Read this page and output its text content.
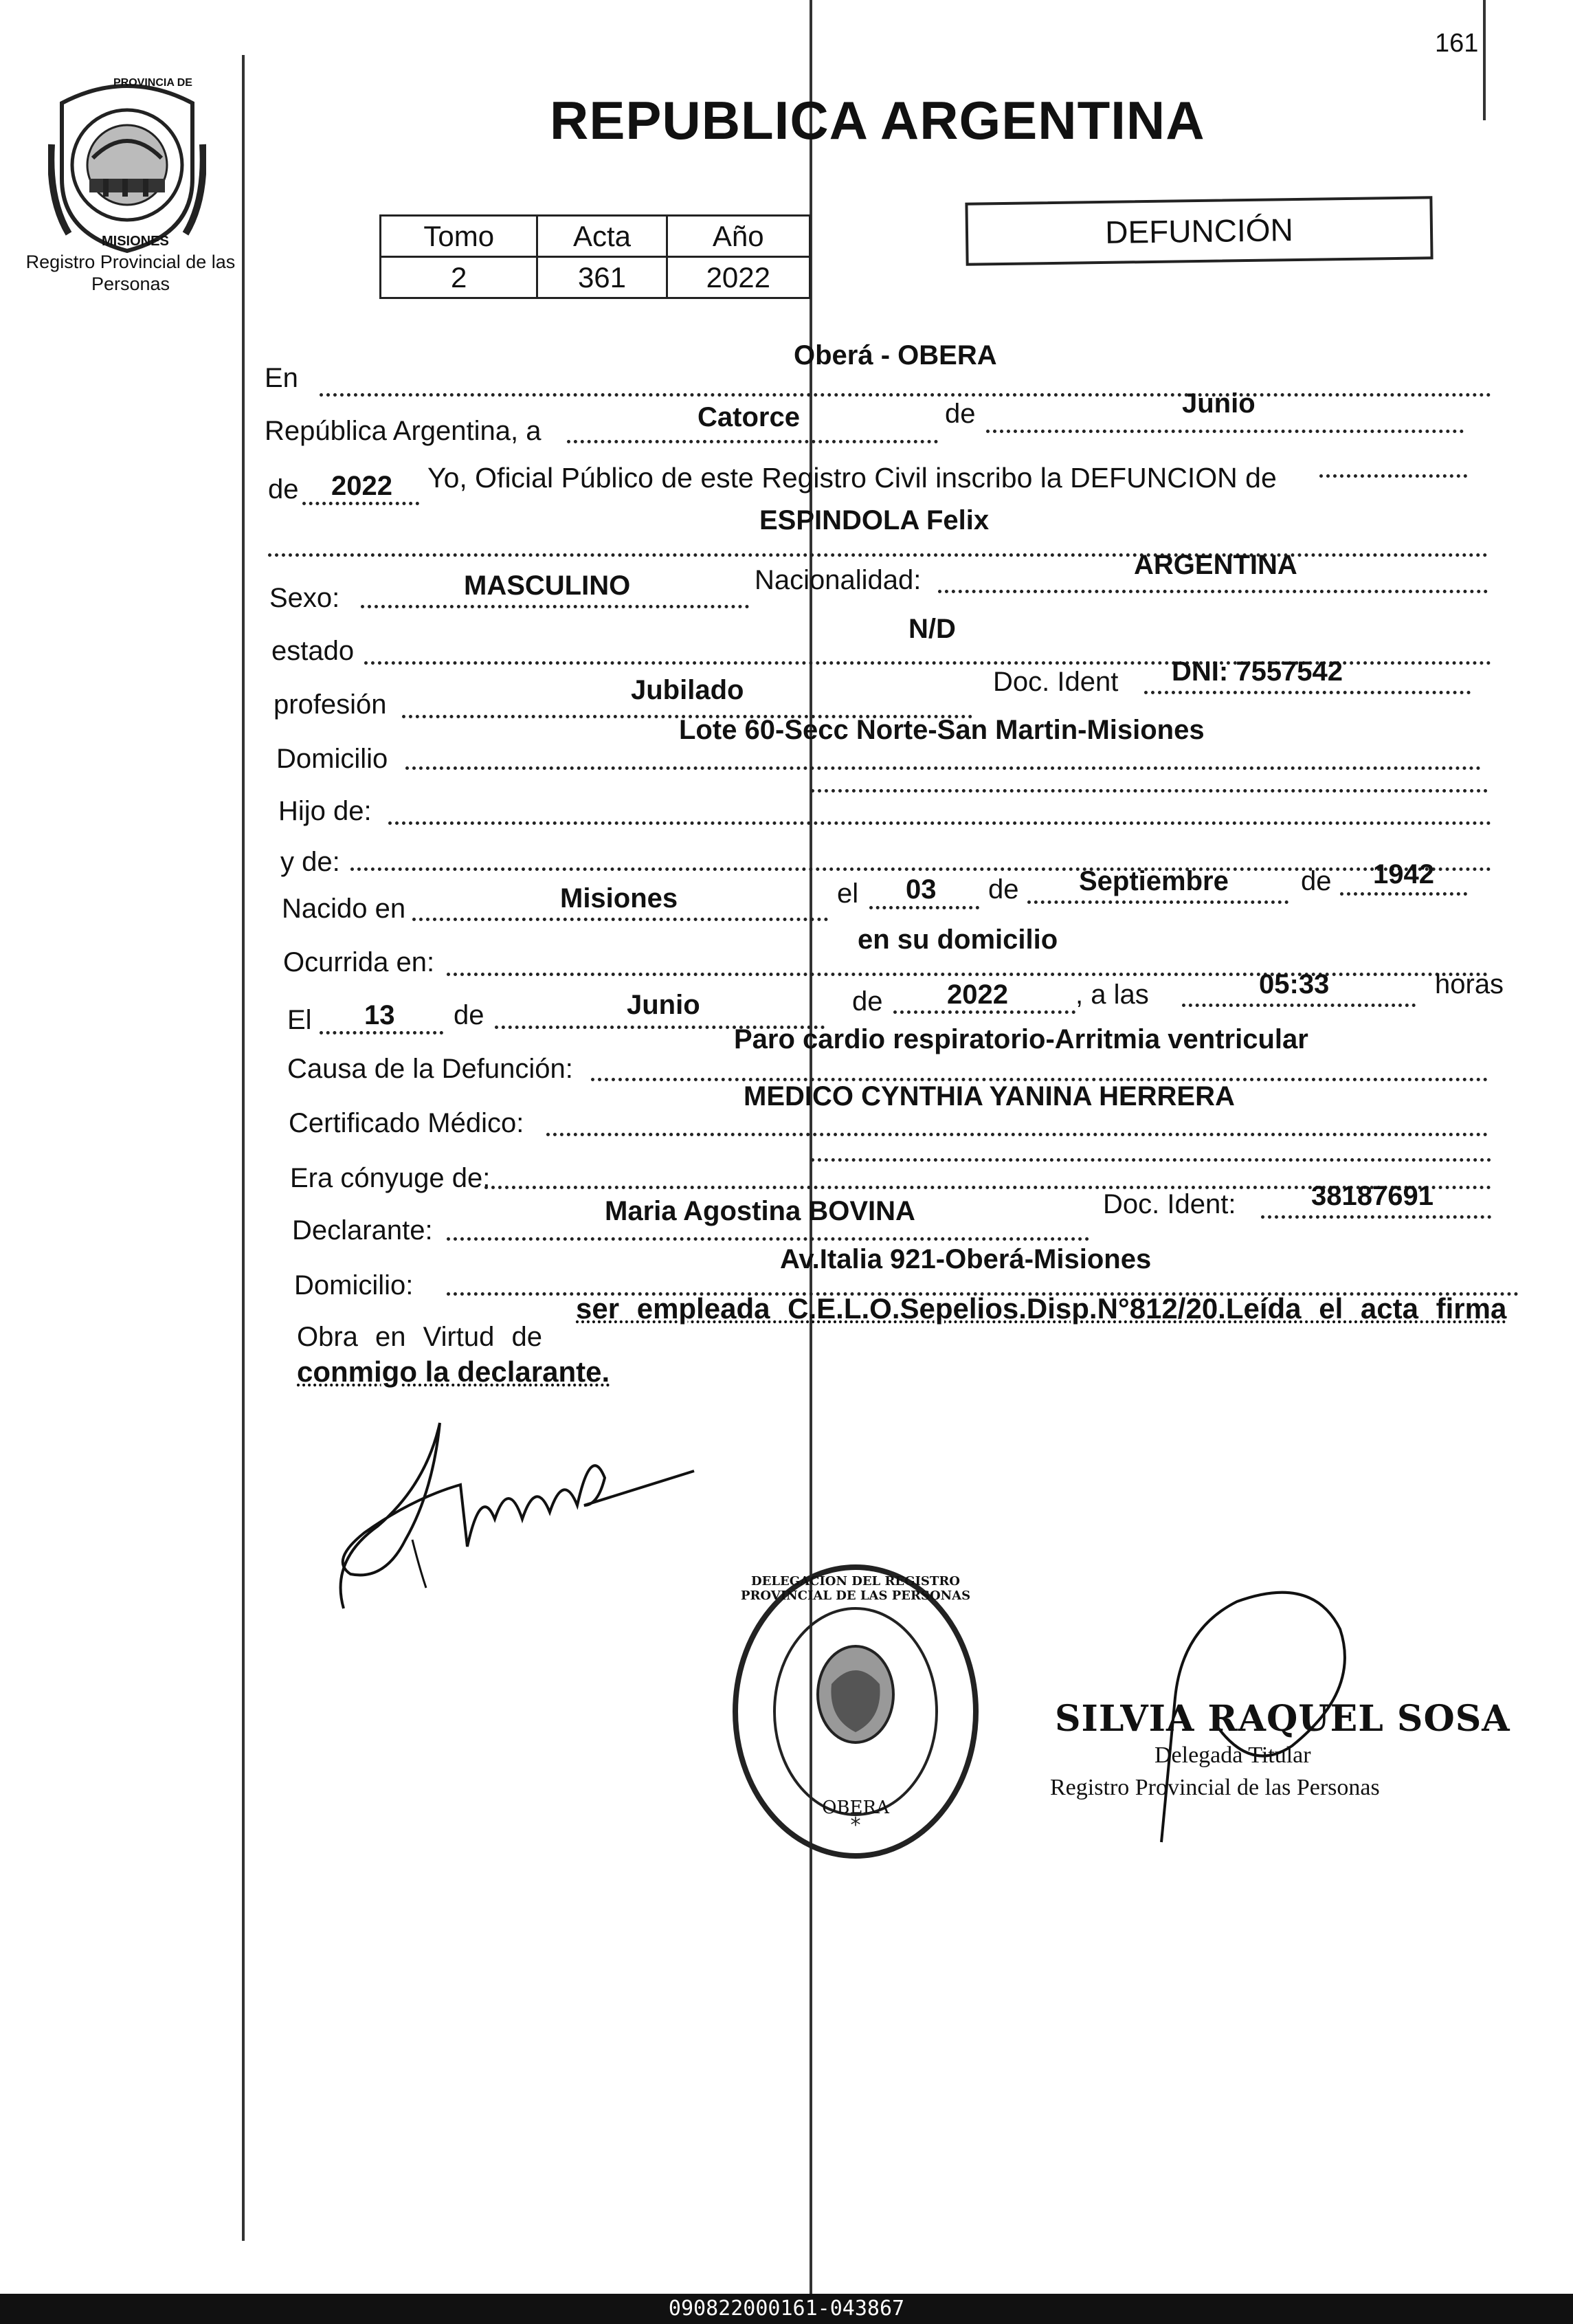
161
PROVINCIA DE
MISIONES
Registro Provincial de las Personas
REPUBLICA ARGENTINA
Tomo	Acta	Año
2	361	2022
DEFUNCIÓN
En
Oberá - OBERA
República Argentina, a	Catorce	de	Junio
de 2022 Yo, Oficial Público de este Registro Civil inscribo la DEFUNCION de
ESPINDOLA Felix
Sexo:	MASCULINO	Nacionalidad:	ARGENTINA
estado
N/D
profesión	Jubilado	Doc. Ident DNI: 7557542
Domicilio
Lote 60-Secc Norte-San Martin-Misiones
Hijo de:
y de:
Nacido en	Misiones	el 03 de Septiembre	de 1942
Ocurrida en:
en su domicilio
El 13 de	Junio	de 2022 , a las	05:33	horas
Causa de la Defunción:
Paro cardio respiratorio-Arritmia ventricular
Certificado Médico:
MEDICO CYNTHIA YANINA HERRERA
Era cónyuge de:
Declarante:
Maria Agostina BOVINA	Doc. Ident:	38187691
Domicilio:
Av.Italia 921-Oberá-Misiones
Obra en Virtud de
ser empleada C.E.L.O.Sepelios.Disp.N°812/20.Leída el acta firma
conmigo la declarante.
*
DELEGACION DEL REGISTRO PROVINCIAL DE LAS PERSONAS
OBERA
SILVIA RAQUEL SOSA
Delegada Titular
Registro Provincial de las Personas
090822000161-043867
